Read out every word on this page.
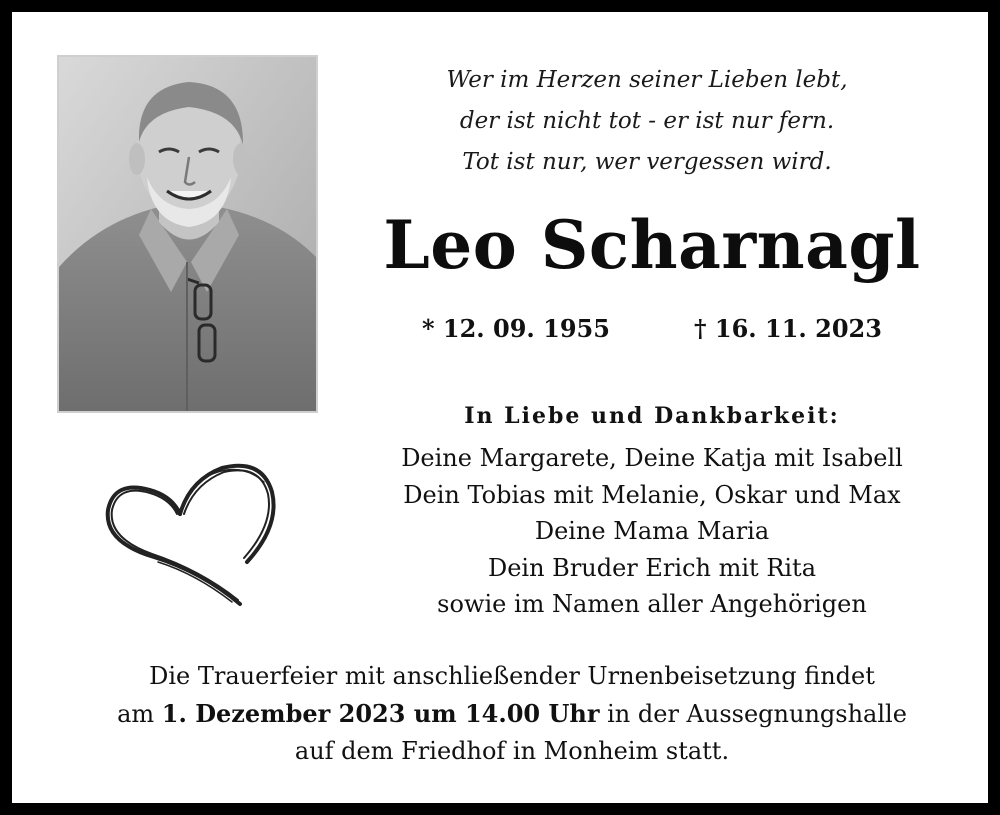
Wer im Herzen seiner Lieben lebt,
der ist nicht tot - er ist nur fern.
Tot ist nur, wer vergessen wird.
Leo Scharnagl
* 12. 09. 1955	† 16. 11. 2023
In Liebe und Dankbarkeit:
Deine Margarete, Deine Katja mit Isabell
Dein Tobias mit Melanie, Oskar und Max
Deine Mama Maria
Dein Bruder Erich mit Rita
sowie im Namen aller Angehörigen
Die Trauerfeier mit anschließender Urnenbeisetzung findet
am 1. Dezember 2023 um 14.00 Uhr in der Aussegnungshalle
auf dem Friedhof in Monheim statt.
